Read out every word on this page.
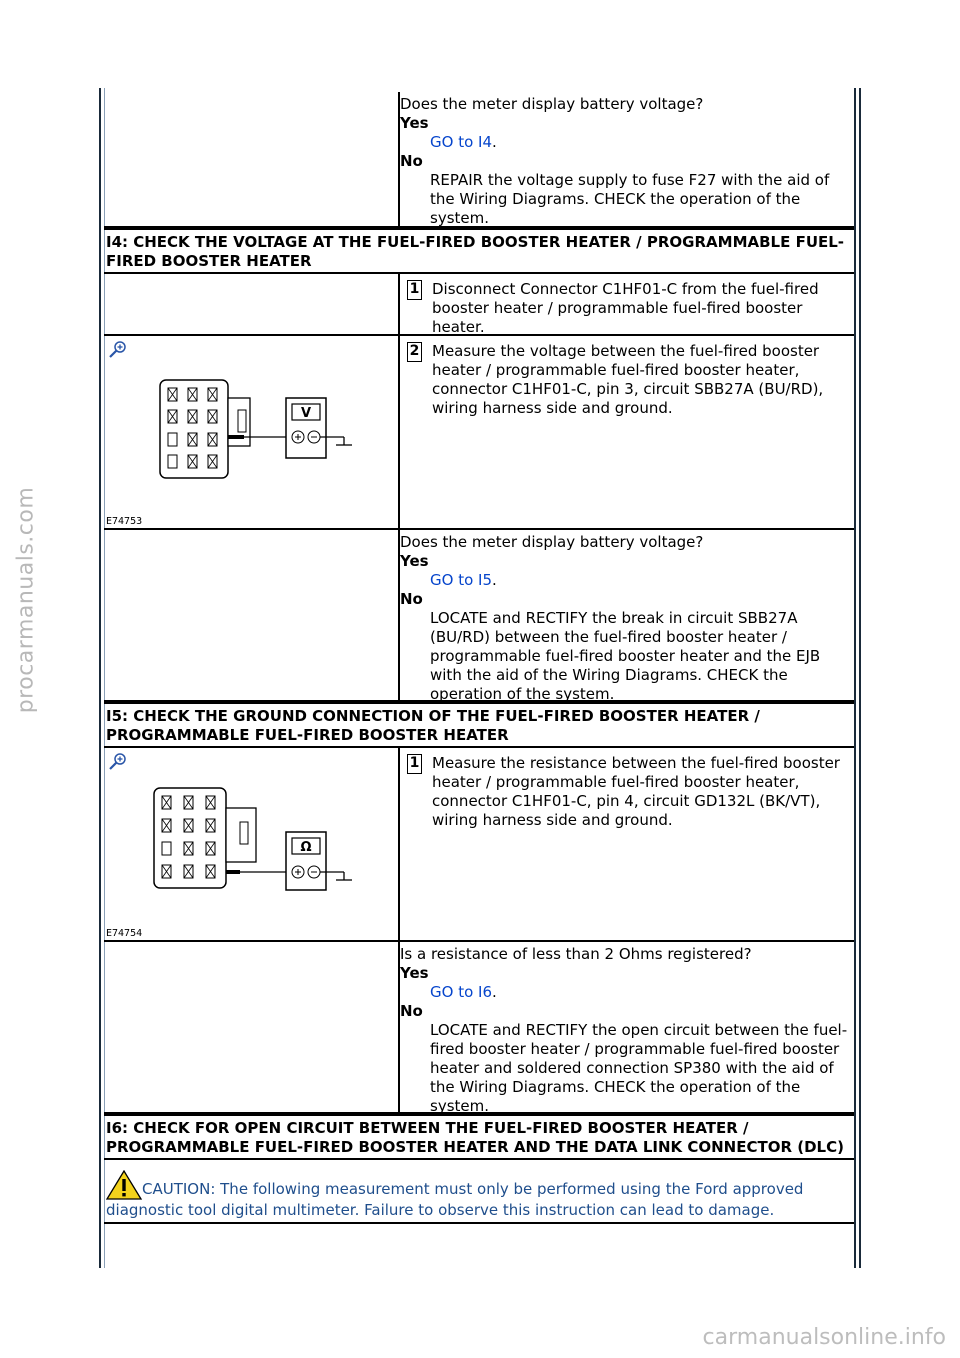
procarmanuals.com
carmanualsonline.info

Does the meter display battery voltage?

Yes
GO to I4.
No
REPAIR the voltage supply to fuse F27 with the aid of the Wiring Diagrams. CHECK the operation of the system.
I4: CHECK THE VOLTAGE AT THE FUEL-FIRED BOOSTER HEATER / PROGRAMMABLE FUEL-FIRED BOOSTER HEATER
1 Disconnect Connector C1HF01-C from the fuel-fired booster heater / programmable fuel-fired booster heater.
V
E74753
2 Measure the voltage between the fuel-fired booster heater / programmable fuel-fired booster heater, connector C1HF01-C, pin 3, circuit SBB27A (BU/RD), wiring harness side and ground.

Does the meter display battery voltage?

Yes
GO to I5.
No
LOCATE and RECTIFY the break in circuit SBB27A (BU/RD) between the fuel-fired booster heater / programmable fuel-fired booster heater and the EJB with the aid of the Wiring Diagrams. CHECK the operation of the system.
I5: CHECK THE GROUND CONNECTION OF THE FUEL-FIRED BOOSTER HEATER / PROGRAMMABLE FUEL-FIRED BOOSTER HEATER
Ω
E74754
1 Measure the resistance between the fuel-fired booster heater / programmable fuel-fired booster heater, connector C1HF01-C, pin 4, circuit GD132L (BK/VT), wiring harness side and ground.

Is a resistance of less than 2 Ohms registered?

Yes
GO to I6.
No
LOCATE and RECTIFY the open circuit between the fuel-fired booster heater / programmable fuel-fired booster heater and soldered connection SP380 with the aid of the Wiring Diagrams. CHECK the operation of the system.
I6: CHECK FOR OPEN CIRCUIT BETWEEN THE FUEL-FIRED BOOSTER HEATER / PROGRAMMABLE FUEL-FIRED BOOSTER HEATER AND THE DATA LINK CONNECTOR (DLC)
CAUTION: The following measurement must only be performed using the Ford approved diagnostic tool digital multimeter. Failure to observe this instruction can lead to damage.
